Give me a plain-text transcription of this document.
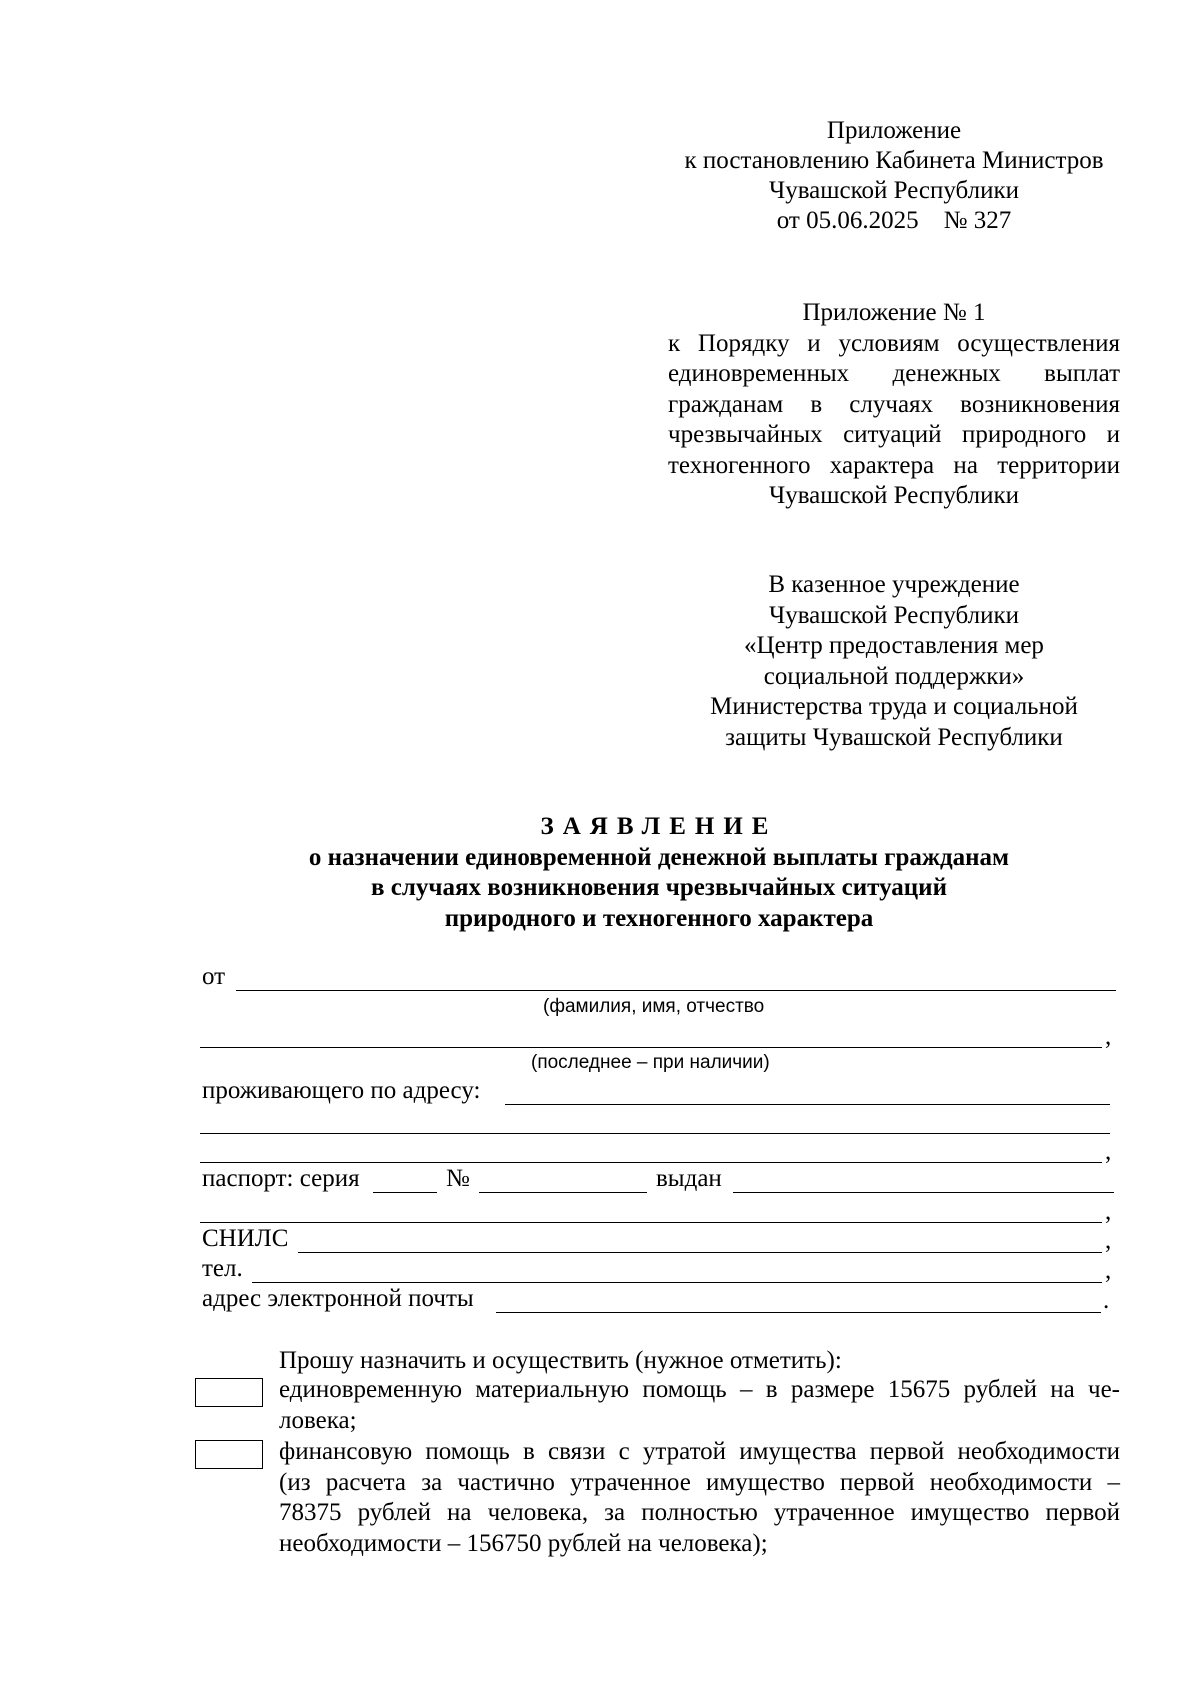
Приложение
к постановлению Кабинета Министров
Чувашской Республики
от 05.06.2025    № 327
Приложение № 1
к Порядку и условиям осуществления
единовременных денежных выплат
гражданам в случаях возникновения
чрезвычайных ситуаций природного и
техногенного характера на территории
Чувашской Республики
В казенное учреждение
Чувашской Республики
«Центр предоставления мер
социальной поддержки»
Министерства труда и социальной
защиты Чувашской Республики
ЗАЯВЛЕНИЕ
о назначении единовременной денежной выплаты гражданам
в случаях возникновения чрезвычайных ситуаций
природного и техногенного характера
от
(фамилия, имя, отчество
,
(последнее – при наличии)
проживающего по адресу:
,
паспорт: серия	№	выдан
,
СНИЛС	,
тел.	,
адрес электронной почты	.
Прошу назначить и осуществить (нужное отметить):
единовременную материальную помощь – в размере 15675 рублей на че-
ловека;
финансовую помощь в связи с утратой имущества первой необходимости
(из расчета за частично утраченное имущество первой необходимости –
78375 рублей на человека, за полностью утраченное имущество первой
необходимости – 156750 рублей на человека);
